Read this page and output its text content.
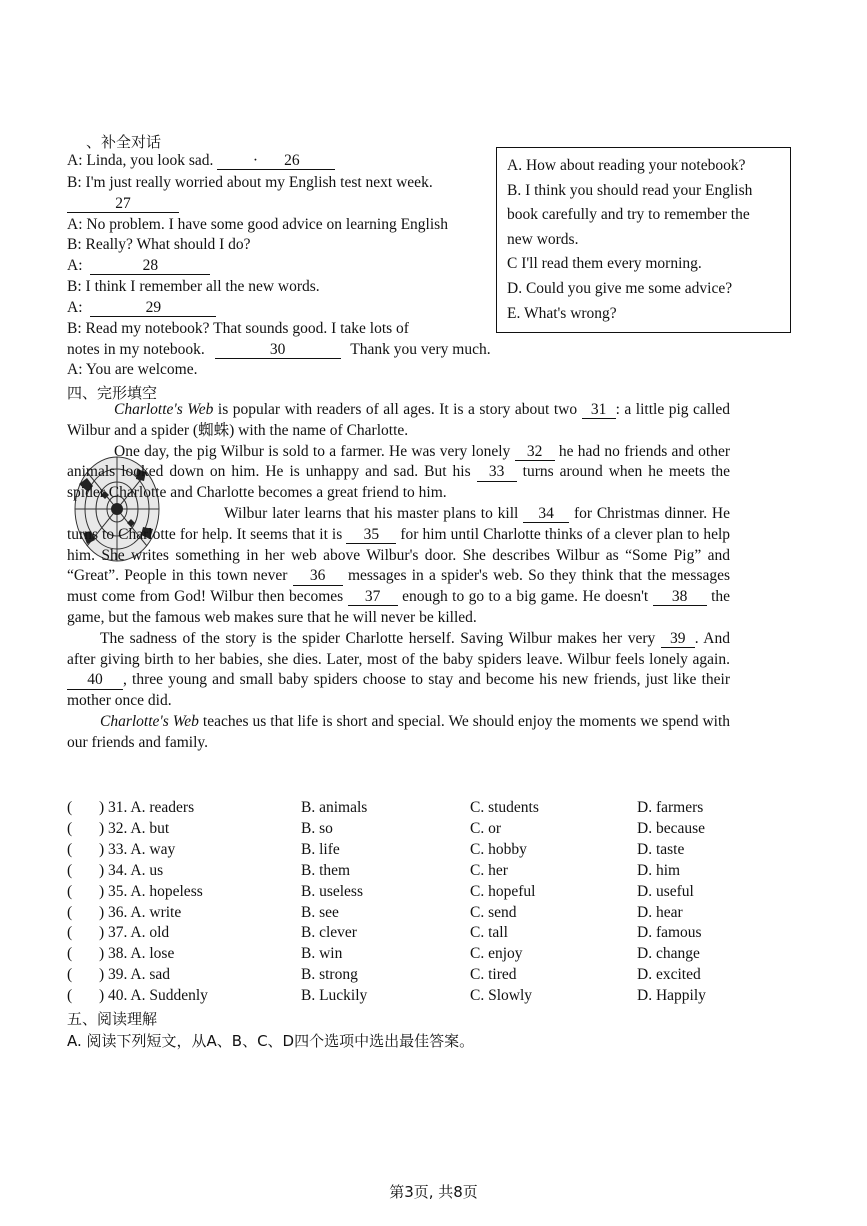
、补全对话
A: Linda, you look sad.	· 26
B: I'm just really worried about my English test next week.
27
A: No problem. I have some good advice on learning English
B: Really? What should I do?
A:	28
B: I think I remember all the new words.
A:	29
B: Read my notebook? That sounds good. I take lots of
notes in my notebook.	30	Thank you very much.
A: You are welcome.
A. How about reading your notebook?
B. I think you should read your English
book carefully and try to remember the
new words.
C I'll read them every morning.
D. Could you give me some advice?
E. What's wrong?
四、完形填空

Charlotte's Web is popular with readers of all ages. It is a story about two 31 : a little pig called Wilbur and a spider (蜘蛛) with the name of Charlotte.

One day, the pig Wilbur is sold to a farmer. He was very lonely 32 he had no friends and other animals looked down on him. He is unhappy and sad. But his 33 turns around when he meets the spider Charlotte and Charlotte becomes a great friend to him.

Wilbur later learns that his master plans to kill 34 for Christmas dinner. He turns to Charlotte for help. It seems that it is 35 for him until Charlotte thinks of a clever plan to help him. She writes something in her web above Wilbur's door. She describes Wilbur as “Some Pig” and “Great”. People in this town never 36 messages in a spider's web. So they think that the messages must come from God! Wilbur then becomes 37 enough to go to a big game. He doesn't 38 the game, but the famous web makes sure that he will never be killed.

The sadness of the story is the spider Charlotte herself. Saving Wilbur makes her very 39 . And after giving birth to her babies, she dies. Later, most of the baby spiders leave. Wilbur feels lonely again. 40 , three young and small baby spiders choose to stay and become his new friends, just like their mother once did.

Charlotte's Web teaches us that life is short and special. We should enjoy the moments we spend with our friends and family.

( ) 31. A. readers	B. animals	C. students	D. farmers
( ) 32. A. but	B. so	C. or	D. because
( ) 33. A. way	B. life	C. hobby	D. taste
( ) 34. A. us	B. them	C. her	D. him
( ) 35. A. hopeless	B. useless	C. hopeful	D. useful
( ) 36. A. write	B. see	C. send	D. hear
( ) 37. A. old	B. clever	C. tall	D. famous
( ) 38. A. lose	B. win	C. enjoy	D. change
( ) 39. A. sad	B. strong	C. tired	D. excited
( ) 40. A. Suddenly	B. Luckily	C. Slowly	D. Happily
五、阅读理解
A. 阅读下列短文，从A、B、C、D四个选项中选出最佳答案。
第3页, 共8页
